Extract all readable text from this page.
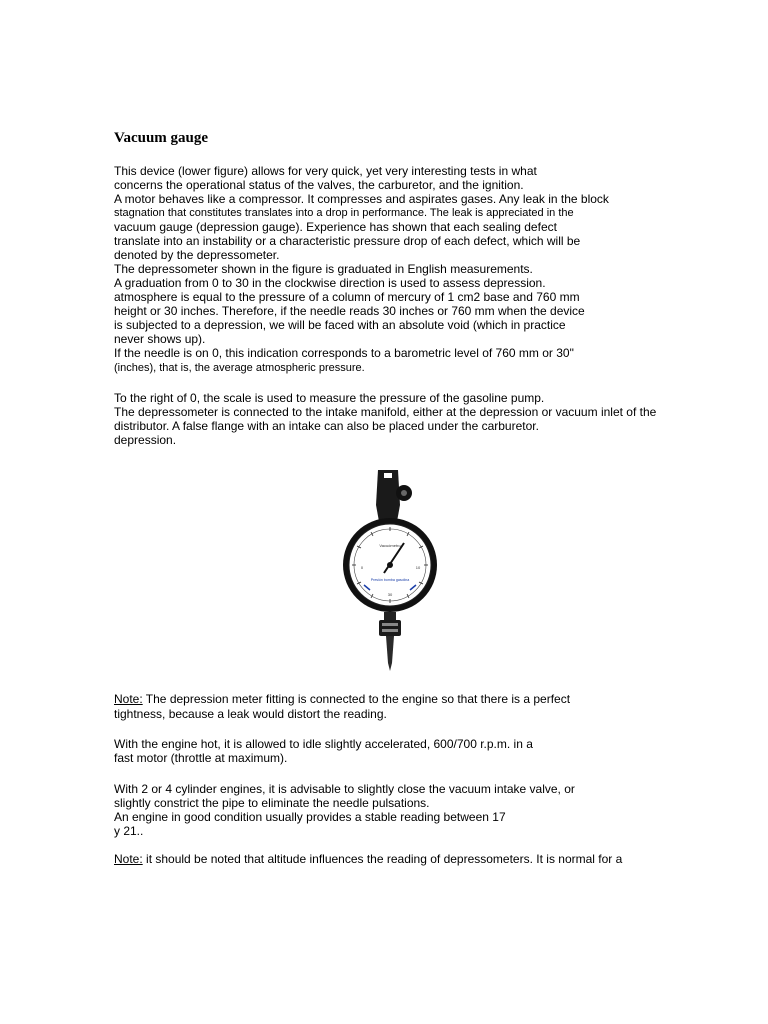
Vacuum gauge
This device (lower figure) allows for very quick, yet very interesting tests in what
concerns the operational status of the valves, the carburetor, and the ignition.
A motor behaves like a compressor. It compresses and aspirates gases. Any leak in the block
stagnation that constitutes translates into a drop in performance. The leak is appreciated in the
vacuum gauge (depression gauge). Experience has shown that each sealing defect
translate into an instability or a characteristic pressure drop of each defect, which will be
denoted by the depressometer.
The depressometer shown in the figure is graduated in English measurements.
A graduation from 0 to 30 in the clockwise direction is used to assess depression.
atmosphere is equal to the pressure of a column of mercury of 1 cm2 base and 760 mm
height or 30 inches. Therefore, if the needle reads 30 inches or 760 mm when the device
is subjected to a depression, we will be faced with an absolute void (which in practice
never shows up).
If the needle is on 0, this indication corresponds to a barometric level of 760 mm or 30"
(inches), that is, the average atmospheric pressure.
To the right of 0, the scale is used to measure the pressure of the gasoline pump.
The depressometer is connected to the intake manifold, either at the depression or vacuum inlet of the
distributor. A false flange with an intake can also be placed under the carburetor.
depression.
Vacuómetro
Presión bomba gasolina
30
0	10
Note: The depression meter fitting is connected to the engine so that there is a perfect
tightness, because a leak would distort the reading.
With the engine hot, it is allowed to idle slightly accelerated, 600/700 r.p.m. in a
fast motor (throttle at maximum).
With 2 or 4 cylinder engines, it is advisable to slightly close the vacuum intake valve, or
slightly constrict the pipe to eliminate the needle pulsations.
An engine in good condition usually provides a stable reading between 17
y 21..
Note: it should be noted that altitude influences the reading of depressometers. It is normal for a
